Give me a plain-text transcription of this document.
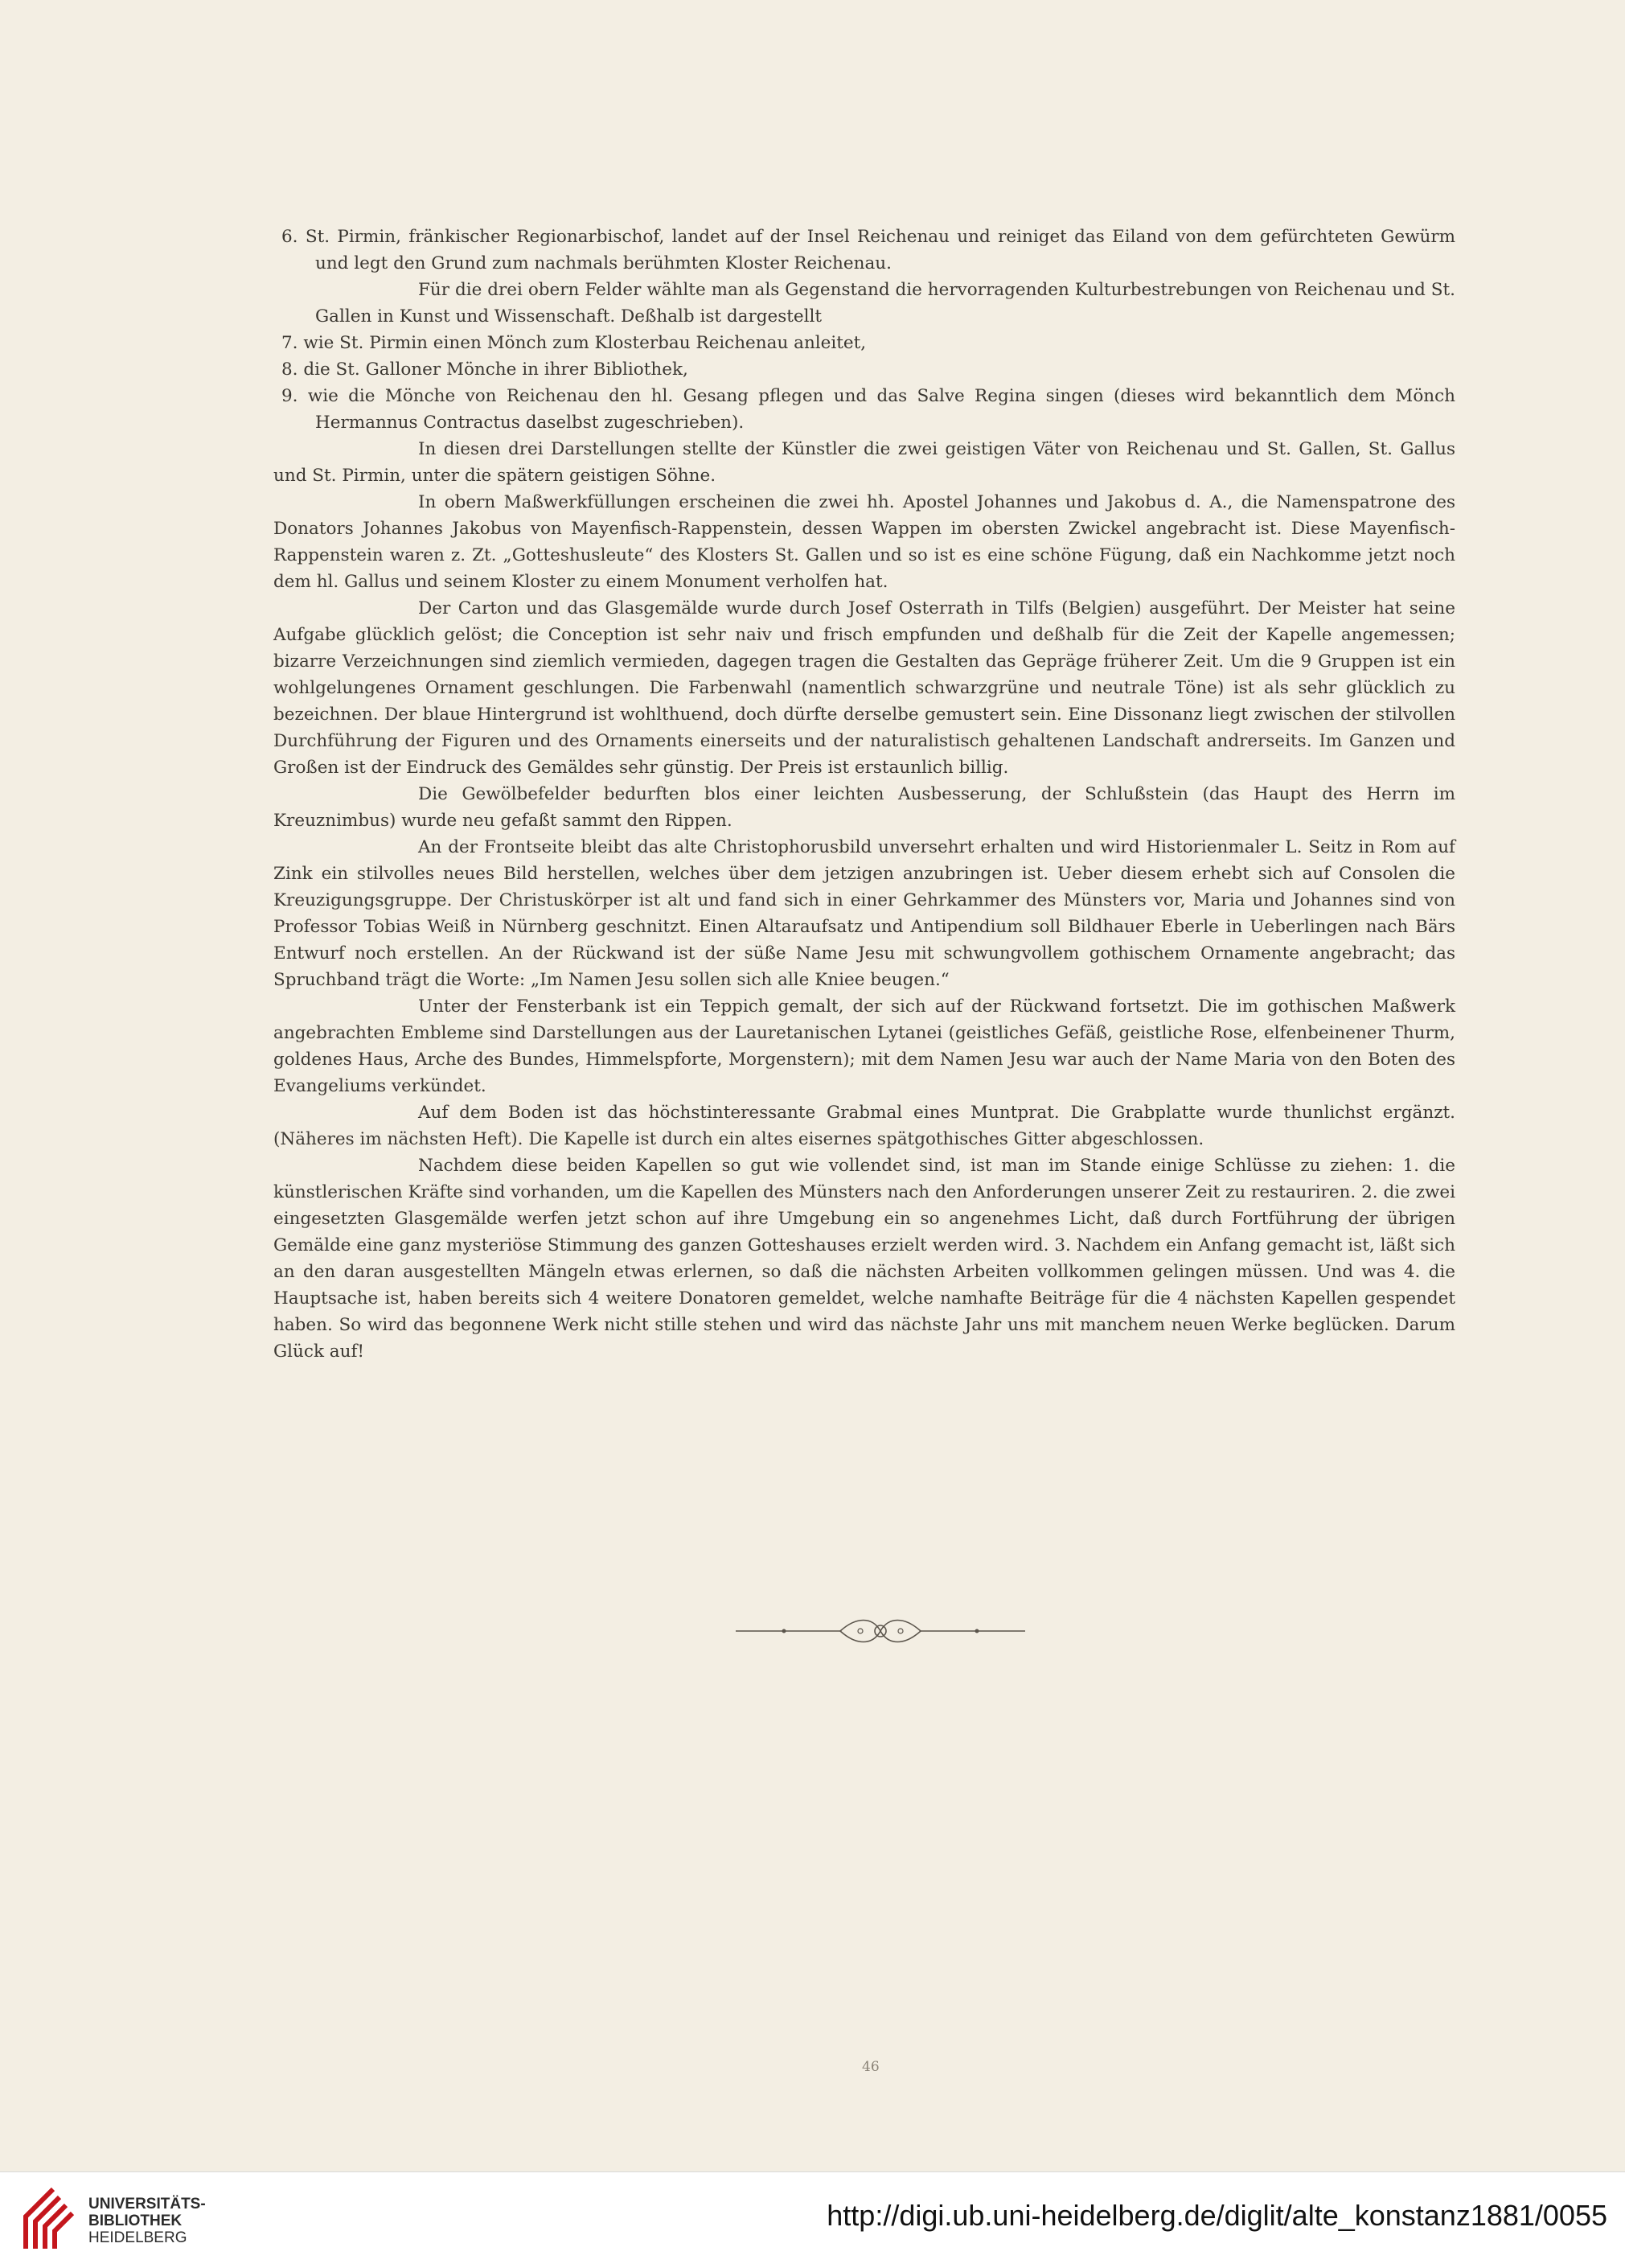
6. St. Pirmin, fränkischer Regionarbischof, landet auf der Insel Reichenau und reiniget das Eiland von dem gefürchteten Gewürm und legt den Grund zum nachmals berühmten Kloster Reichenau.

Für die drei obern Felder wählte man als Gegenstand die hervorragenden Kulturbestrebungen von Reichenau und St. Gallen in Kunst und Wissenschaft. Deßhalb ist dargestellt

7. wie St. Pirmin einen Mönch zum Klosterbau Reichenau anleitet,

8. die St. Galloner Mönche in ihrer Bibliothek,

9. wie die Mönche von Reichenau den hl. Gesang pflegen und das Salve Regina singen (dieses wird bekanntlich dem Mönch Hermannus Contractus daselbst zugeschrieben).

In diesen drei Darstellungen stellte der Künstler die zwei geistigen Väter von Reichenau und St. Gallen, St. Gallus und St. Pirmin, unter die spätern geistigen Söhne.

In obern Maßwerkfüllungen erscheinen die zwei hh. Apostel Johannes und Jakobus d. A., die Namenspatrone des Donators Johannes Jakobus von Mayenfisch-Rappenstein, dessen Wappen im obersten Zwickel angebracht ist. Diese Mayenfisch-Rappenstein waren z. Zt. „Gotteshusleute“ des Klosters St. Gallen und so ist es eine schöne Fügung, daß ein Nachkomme jetzt noch dem hl. Gallus und seinem Kloster zu einem Monument verholfen hat.

Der Carton und das Glasgemälde wurde durch Josef Osterrath in Tilfs (Belgien) ausgeführt. Der Meister hat seine Aufgabe glücklich gelöst; die Conception ist sehr naiv und frisch empfunden und deßhalb für die Zeit der Kapelle angemessen; bizarre Verzeichnungen sind ziemlich vermieden, dagegen tragen die Gestalten das Gepräge früherer Zeit. Um die 9 Gruppen ist ein wohlgelungenes Ornament geschlungen. Die Farbenwahl (namentlich schwarzgrüne und neutrale Töne) ist als sehr glücklich zu bezeichnen. Der blaue Hintergrund ist wohlthuend, doch dürfte derselbe gemustert sein. Eine Dissonanz liegt zwischen der stilvollen Durchführung der Figuren und des Ornaments einerseits und der naturalistisch gehaltenen Landschaft andrerseits. Im Ganzen und Großen ist der Eindruck des Gemäldes sehr günstig. Der Preis ist erstaunlich billig.

Die Gewölbefelder bedurften blos einer leichten Ausbesserung, der Schlußstein (das Haupt des Herrn im Kreuznimbus) wurde neu gefaßt sammt den Rippen.

An der Frontseite bleibt das alte Christophorusbild unversehrt erhalten und wird Historienmaler L. Seitz in Rom auf Zink ein stilvolles neues Bild herstellen, welches über dem jetzigen anzubringen ist. Ueber diesem erhebt sich auf Consolen die Kreuzigungsgruppe. Der Christuskörper ist alt und fand sich in einer Gehrkammer des Münsters vor, Maria und Johannes sind von Professor Tobias Weiß in Nürnberg geschnitzt. Einen Altaraufsatz und Antipendium soll Bildhauer Eberle in Ueberlingen nach Bärs Entwurf noch erstellen. An der Rückwand ist der süße Name Jesu mit schwungvollem gothischem Ornamente angebracht; das Spruchband trägt die Worte: „Im Namen Jesu sollen sich alle Kniee beugen.“

Unter der Fensterbank ist ein Teppich gemalt, der sich auf der Rückwand fortsetzt. Die im gothischen Maßwerk angebrachten Embleme sind Darstellungen aus der Lauretanischen Lytanei (geistliches Gefäß, geistliche Rose, elfenbeinener Thurm, goldenes Haus, Arche des Bundes, Himmelspforte, Morgenstern); mit dem Namen Jesu war auch der Name Maria von den Boten des Evangeliums verkündet.

Auf dem Boden ist das höchstinteressante Grabmal eines Muntprat. Die Grabplatte wurde thunlichst ergänzt. (Näheres im nächsten Heft). Die Kapelle ist durch ein altes eisernes spätgothisches Gitter abgeschlossen.

Nachdem diese beiden Kapellen so gut wie vollendet sind, ist man im Stande einige Schlüsse zu ziehen: 1. die künstlerischen Kräfte sind vorhanden, um die Kapellen des Münsters nach den Anforderungen unserer Zeit zu restauriren. 2. die zwei eingesetzten Glasgemälde werfen jetzt schon auf ihre Umgebung ein so angenehmes Licht, daß durch Fortführung der übrigen Gemälde eine ganz mysteriöse Stimmung des ganzen Gotteshauses erzielt werden wird. 3. Nachdem ein Anfang gemacht ist, läßt sich an den daran ausgestellten Mängeln etwas erlernen, so daß die nächsten Arbeiten vollkommen gelingen müssen. Und was 4. die Hauptsache ist, haben bereits sich 4 weitere Donatoren gemeldet, welche namhafte Beiträge für die 4 nächsten Kapellen gespendet haben. So wird das begonnene Werk nicht stille stehen und wird das nächste Jahr uns mit manchem neuen Werke beglücken. Darum Glück auf!

46
UNIVERSITÄTS-
BIBLIOTHEK
HEIDELBERG
http://digi.ub.uni-heidelberg.de/diglit/alte_konstanz1881/0055
